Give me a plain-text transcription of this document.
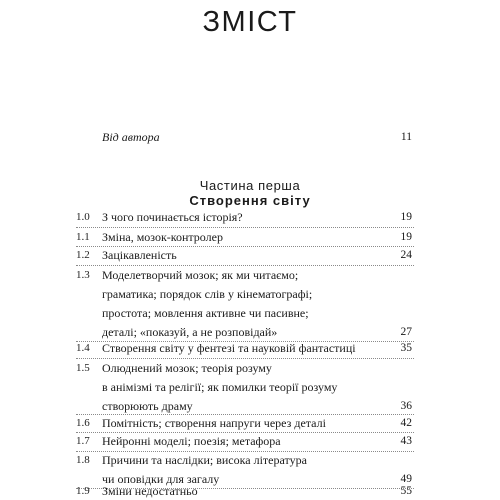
ЗМІСТ
Від автора	11
Частина перша
Створення світу
1.0	З чого починається історія?	19
1.1	Зміна, мозок-контролер	19
1.2	Зацікавленість	24
1.3	Моделетворчий мозок; як ми читаємо;
граматика; порядок слів у кінематографі;
простота; мовлення активне чи пасивне;
деталі; «показуй, а не розповідай»	27
1.4	Створення світу у фентезі та науковій фантастиці	35
1.5	Олюднений мозок; теорія розуму
в анімізмі та релігії; як помилки теорії розуму
створюють драму	36
1.6	Помітність; створення напруги через деталі	42
1.7	Нейронні моделі; поезія; метафора	43
1.8	Причини та наслідки; висока література
чи оповідки для загалу	49
1.9	Зміни недостатньо	55
